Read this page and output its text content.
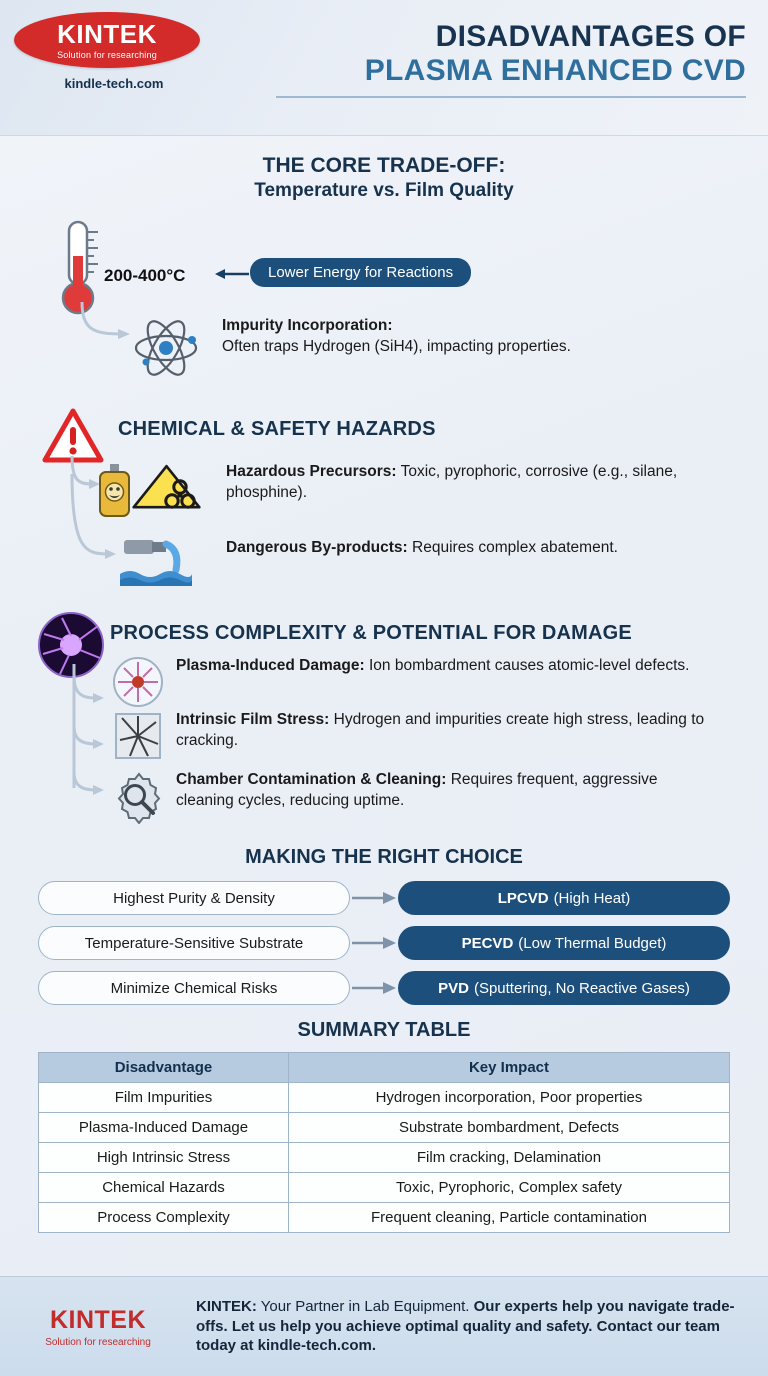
KINTEK
Solution for researching
kindle-tech.com
DISADVANTAGES OF
PLASMA ENHANCED CVD
THE CORE TRADE-OFF:
Temperature vs. Film Quality
200-400°C	Lower Energy for Reactions
Impurity Incorporation:
Often traps Hydrogen (SiH4), impacting properties.
CHEMICAL & SAFETY HAZARDS
Hazardous Precursors: Toxic, pyrophoric, corrosive (e.g., silane, phosphine).
Dangerous By-products: Requires complex abatement.
PROCESS COMPLEXITY & POTENTIAL FOR DAMAGE
Plasma-Induced Damage: Ion bombardment causes atomic-level defects.
Intrinsic Film Stress: Hydrogen and impurities create high stress, leading to cracking.
Chamber Contamination & Cleaning: Requires frequent, aggressive cleaning cycles, reducing uptime.
MAKING THE RIGHT CHOICE
Highest Purity & Density	LPCVD (High Heat)
Temperature-Sensitive Substrate	PECVD (Low Thermal Budget)
Minimize Chemical Risks	PVD (Sputtering, No Reactive Gases)
SUMMARY TABLE
Disadvantage	Key Impact
Film Impurities	Hydrogen incorporation, Poor properties
Plasma-Induced Damage	Substrate bombardment, Defects
High Intrinsic Stress	Film cracking, Delamination
Chemical Hazards	Toxic, Pyrophoric, Complex safety
Process Complexity	Frequent cleaning, Particle contamination
KINTEK
Solution for researching
KINTEK: Your Partner in Lab Equipment. Our experts help you navigate trade-offs. Let us help you achieve optimal quality and safety. Contact our team today at kindle-tech.com.
